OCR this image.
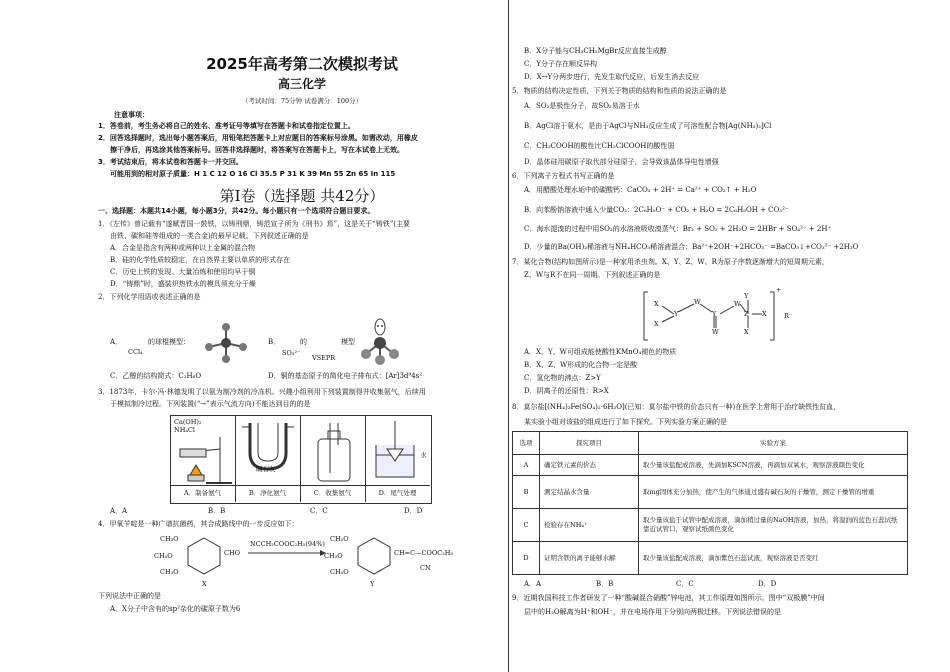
2025年高考第二次模拟考试
高三化学
（考试时间：75分钟 试卷满分：100分）
注意事项：
1．答卷前，考生务必将自己的姓名、准考证号等填写在答题卡和试卷指定位置上。
2．回答选择题时，选出每小题答案后，用铅笔把答题卡上对应题目的答案标号涂黑。如需改动，用橡皮
擦干净后，再选涂其他答案标号。回答非选择题时，将答案写在答题卡上，写在本试卷上无效。
3．考试结束后，将本试卷和答题卡一并交回。
可能用到的相对原子质量：H 1 C 12 O 16 Cl 35.5 P 31 K 39 Mn 55 Zn 65 In 115
第Ⅰ卷（选择题 共42分）
一、选择题：本题共14小题，每小题3分，共42分。每小题只有一个选项符合题目要求。
1．《左传》曾记载有“遂赋晋国一鼓铁，以铸刑鼎，铸范宣子所为《刑书》焉”，这是关于“铸铁”(主要
由铁、碳和硅等组成的一类合金)的最早记载。下列叙述正确的是
A．合金是指含有两种或两种以上金属的混合物
B．硅的化学性质较稳定，在自然界主要以单质的形式存在
C．历史上铁的发现、大量冶炼和使用均早于铜
D．“铸鼎”时，盛装炽热铁水的模具须充分干燥
2．下列化学用语或表述正确的是
A．	的球棍模型：
CCl₄
B．	的	模型
SO₃²⁻
VSEPR
C．乙醇的结构简式：C₂H₆O	D．铜的基态原子的简化电子排布式：[Ar]3d⁹4s²
3．1873年，卡尔·冯·林德发明了以氨为制冷剂的冷冻机。兴趣小组利用下列装置制得并收集氨气，后续用
于模拟制冷过程。下列装置(“→”表示气流方向)不能达到目的的是
Ca(OH)₂
NH₄Cl
碱石灰
水
A．制备氨气	B．净化氨气	C．收集氨气	D．尾气处理
A．A	B．B	C．C	D．D
4．甲氧苄啶是一种广谱抗菌药，其合成路线中的一步反应如下：
CH₃O
CH₃O
CH₃O
CHO
X
NCCH₂COOC₂H₅(94%)
CH₃O
CH₃O
CH₃O
CH=C—COOC₂H₅
CN
Y
下列说法中正确的是
A．X分子中含有的sp²杂化的碳原子数为6
B．X分子能与CH₃CH₂MgBr反应直接生成醇
C．Y分子存在顺反异构
D．X→Y分两步进行，先发生取代反应，后发生消去反应
5．物质的结构决定性质，下列关于物质的结构和性质的说法正确的是
A．SO₂是极性分子，故SO₂易溶于水
B．AgCl溶于氨水，是由于AgCl与NH₃反应生成了可溶性配合物[Ag(NH₃)₂]Cl
C．CH₃COOH的酸性比CH₂ClCOOH的酸性弱
D．晶体硅用碳原子取代部分硅原子，会导致该晶体导电性增强
6．下列离子方程式书写正确的是
A．用醋酸处理水垢中的碳酸钙：CaCO₃ + 2H⁺ = Ca²⁺ + CO₂↑ + H₂O
B．向苯酚钠溶液中通入少量CO₂：2C₆H₅O⁻ + CO₂ + H₂O = 2C₆H₅OH + CO₃²⁻
C．海水提溴的过程中用SO₂的水溶液吸收溴蒸气：Br₂ + SO₂ + 2H₂O = 2HBr + SO₄²⁻ + 2H⁺
D．少量的Ba(OH)₂稀溶液与NH₄HCO₃稀溶液混合：Ba²⁺+2OH⁻+2HCO₃⁻ =BaCO₃↓+CO₃²⁻ +2H₂O
7．某化合物(结构如图所示)是一种家用杀虫剂。X、Y、Z、W、R为原子序数逐渐增大的短周期元素，
Z、W与R不在同一周期。下列叙述正确的是
X
Y
W
X
Y
W
W
Z
Y
X
X
+
R⁻
A．X、Y、W可组成能使酸性KMnO₄褪色的物质
B．X、Z、W形成的化合物一定是酸
C．氢化物的沸点：Z>Y
D．阴离子的还原性：R>X
8．莫尔盐[(NH₄)₂Fe(SO₄)₂·6H₂O](已知：莫尔盐中铁的价态只有一种)在医学上常用于治疗缺铁性贫血，
某实验小组对该盐的组成进行了如下探究。下列实验方案正确的是
选项	探究项目	实验方案
A	确定铁元素的价态	取少量该盐配成溶液，先滴加KSCN溶液，再滴加双氧水，观察溶液颜色变化
B	测定结晶水含量	取mg固体充分加热，使产生的气体通过盛有碱石灰的干燥管，测定干燥管的增重
C	检验存在NH₄⁺	取少量该盐于试管中配成溶液，滴加稍过量的NaOH溶液，加热，将湿润的蓝色石蕊试纸靠近试管口，观察试纸颜色变化
D	证明含铁的离子能够水解	取少量该盐配成溶液，滴加紫色石蕊试液，观察溶液是否变红
A．A	B．B	C．C	D．D
9．近期我国科技工作者研发了一种“酸碱混合硝酸”锌电池，其工作原理如图所示。图中“双极膜”中间
层中的H₂O解离为H⁺和OH⁻，并在电场作用下分别向两极迁移。下列说法错误的是
